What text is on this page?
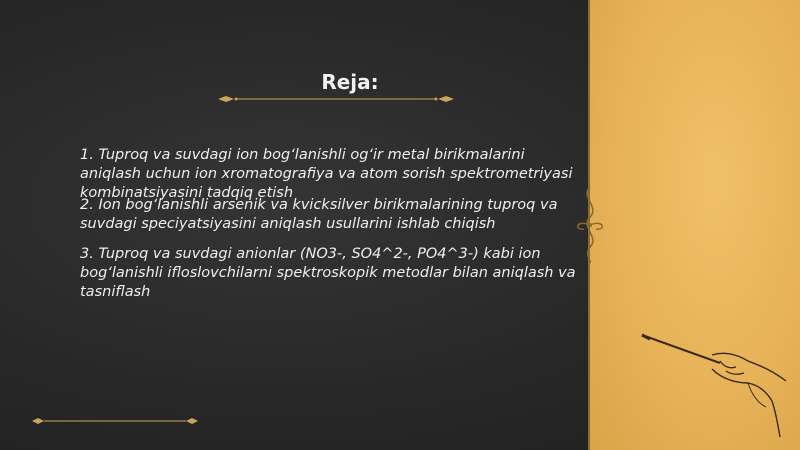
Reja:
1. Tuproq va suvdagi ion bog‘lanishli og‘ir metal birikmalarini aniqlash uchun ion xromatografiya va atom sorish spektrometriyasi kombinatsiyasini tadqiq etish
2. Ion bog‘lanishli arsenik va kvicksilver birikmalarining tuproq va suvdagi speciyatsiyasini aniqlash usullarini ishlab chiqish
3. Tuproq va suvdagi anionlar (NO3-, SO4^2-, PO4^3-) kabi ion bog‘lanishli ifloslovchilarni spektroskopik metodlar bilan aniqlash va tasniflash
